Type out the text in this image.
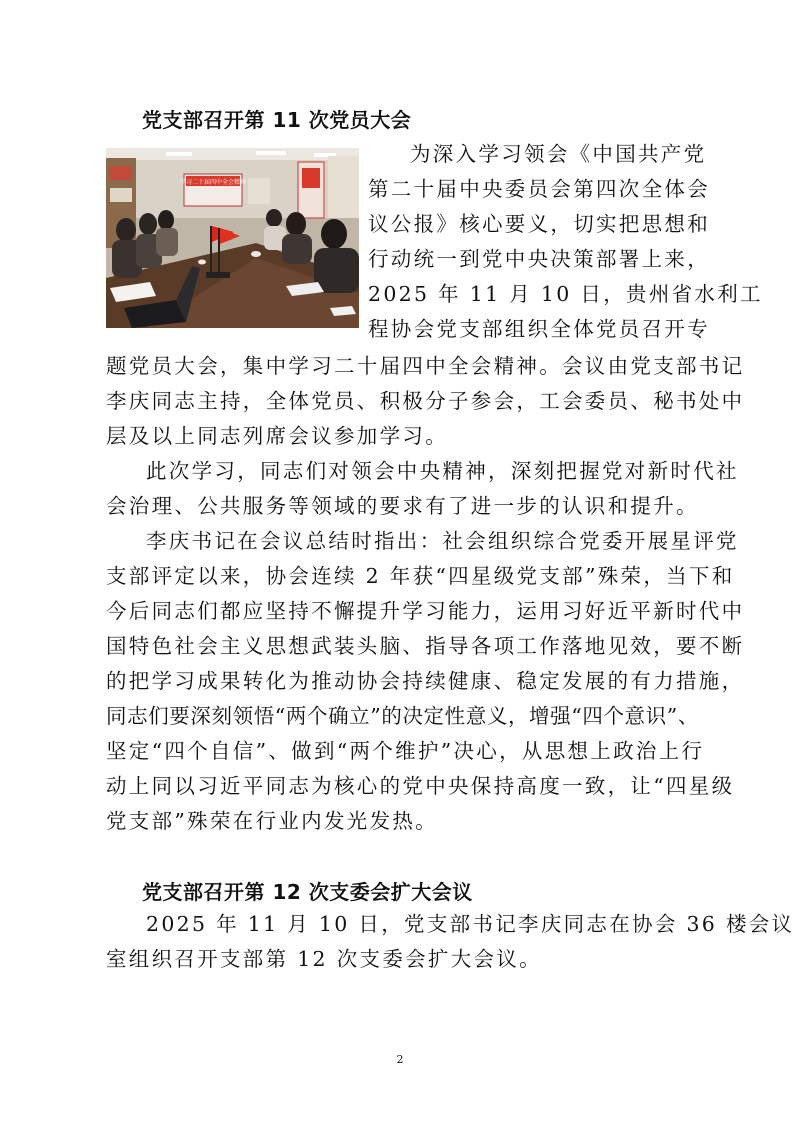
党支部召开第 11 次党员大会
学习二十届四中全会精神

为深入学习领会《中国共产党

第二十届中央委员会第四次全体会

议公报》核心要义，切实把思想和

行动统一到党中央决策部署上来，

2025 年 11 月 10 日，贵州省水利工

程协会党支部组织全体党员召开专

题党员大会，集中学习二十届四中全会精神。会议由党支部书记

李庆同志主持，全体党员、积极分子参会，工会委员、秘书处中

层及以上同志列席会议参加学习。

此次学习，同志们对领会中央精神，深刻把握党对新时代社

会治理、公共服务等领域的要求有了进一步的认识和提升。

李庆书记在会议总结时指出：社会组织综合党委开展星评党

支部评定以来，协会连续 2 年获“四星级党支部”殊荣，当下和

今后同志们都应坚持不懈提升学习能力，运用习好近平新时代中

国特色社会主义思想武装头脑、指导各项工作落地见效，要不断

的把学习成果转化为推动协会持续健康、稳定发展的有力措施，

同志们要深刻领悟“两个确立”的决定性意义，增强“四个意识”、

坚定“四个自信”、做到“两个维护”决心，从思想上政治上行

动上同以习近平同志为核心的党中央保持高度一致，让“四星级

党支部”殊荣在行业内发光发热。

党支部召开第 12 次支委会扩大会议

2025 年 11 月 10 日，党支部书记李庆同志在协会 36 楼会议

室组织召开支部第 12 次支委会扩大会议。

2
